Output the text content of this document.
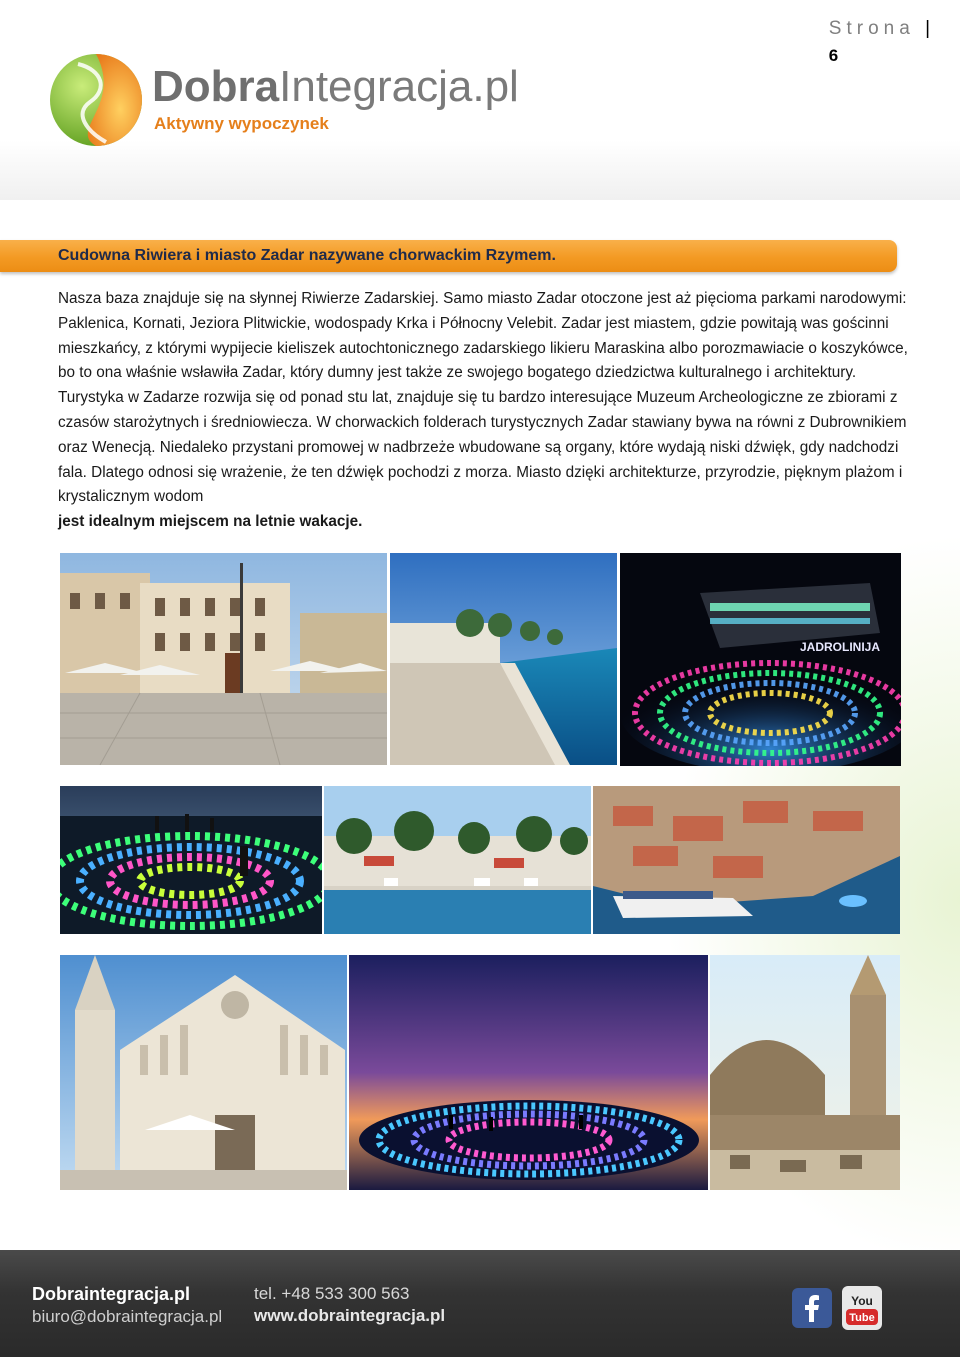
Strona |
6
DobraIntegracja.pl
Aktywny wypoczynek
Cudowna Riwiera i miasto Zadar nazywane chorwackim Rzymem.
Nasza baza znajduje się na słynnej Riwierze Zadarskiej. Samo miasto Zadar otoczone jest aż pięcioma parkami narodowymi: Paklenica, Kornati, Jeziora Plitwickie, wodospady Krka i Północny Velebit. Zadar jest miastem, gdzie powitają was gościnni mieszkańcy, z którymi wypijecie kieliszek autochtonicznego zadarskiego likieru Maraskina albo porozmawiacie o koszykówce, bo to ona właśnie wsławiła Zadar, który dumny jest także ze swojego bogatego dziedzictwa kulturalnego i architektury. Turystyka w Zadarze rozwija się od ponad stu lat, znajduje się tu bardzo interesujące Muzeum Archeologiczne ze zbiorami z czasów starożytnych i średniowiecza. W chorwackich folderach turystycznych Zadar stawiany bywa na równi z Dubrownikiem oraz Wenecją. Niedaleko przystani promowej w nadbrzeże wbudowane są organy, które wydają niski dźwięk, gdy nadchodzi fala. Dlatego odnosi się wrażenie, że ten dźwięk pochodzi z morza. Miasto dzięki architekturze, przyrodzie, pięknym plażom i krystalicznym wodom
jest idealnym miejscem na letnie wakacje.
JADROLINIJA
Dobraintegracja.pl
biuro@dobraintegracja.pl
tel. +48 533 300 563
www.dobraintegracja.pl
You
Tube
